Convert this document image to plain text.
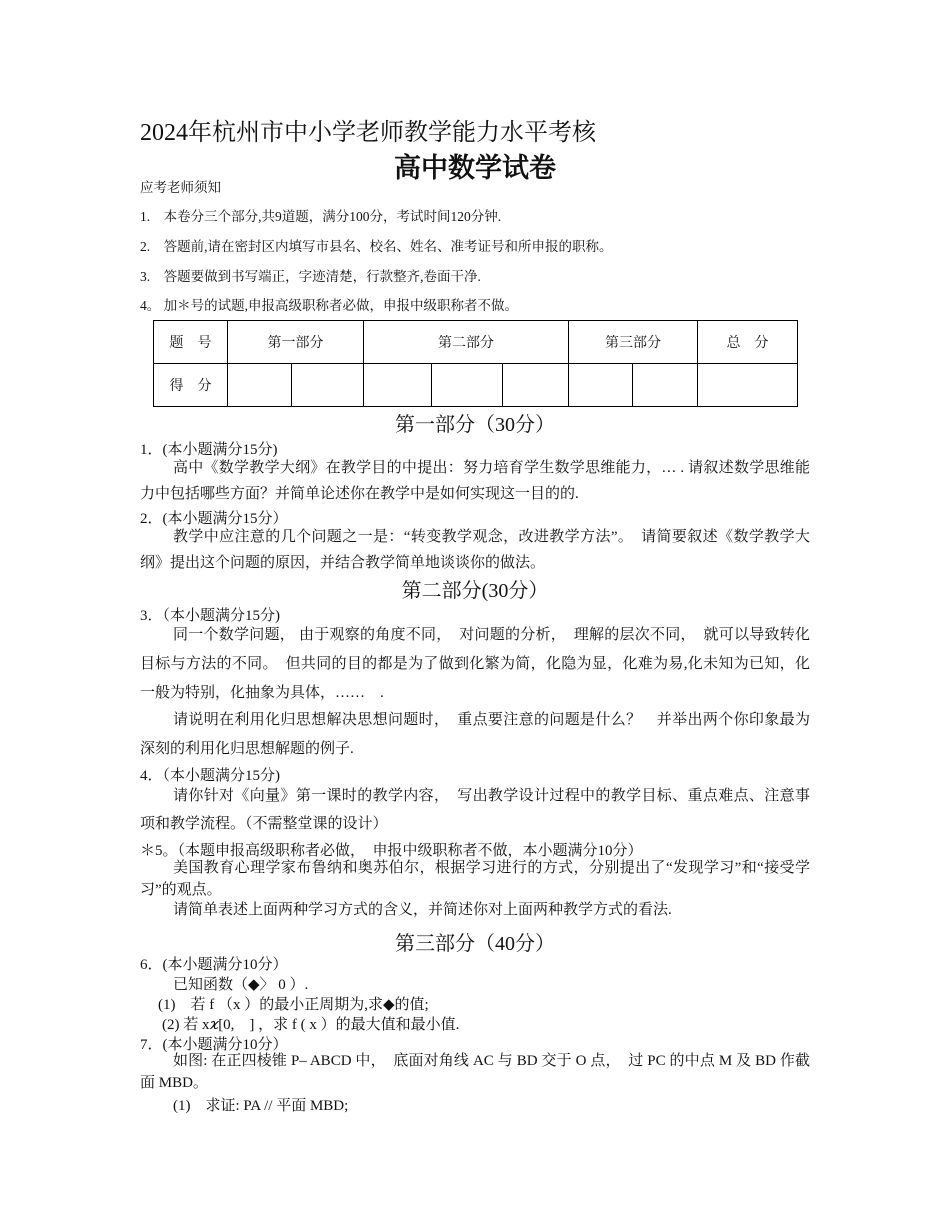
2024年杭州市中小学老师教学能力水平考核
高中数学试卷
应考老师须知
1.　本卷分三个部分,共9道题，满分100分，考试时间120分钟.
2.　答题前,请在密封区内填写市县名、校名、姓名、准考证号和所申报的职称。
3.　答题要做到书写端正，字迹清楚，行款整齐,卷面干净.
4。 加＊号的试题,申报高级职称者必做，申报中级职称者不做。
题　号	第一部分		第二部分			第三部分		总　分
得　分								
第一部分（30分）
1．(本小题满分15分)
高中《数学教学大纲》在教学目的中提出：努力培育学生数学思维能力，… . 请叙述数学思维能力中包括哪些方面？并简单论述你在教学中是如何实现这一目的的.
2．(本小题满分15分）
教学中应注意的几个问题之一是：“转变教学观念，改进教学方法”。　请简要叙述《数学教学大纲》提出这个问题的原因，并结合教学简单地谈谈你的做法。
第二部分(30分）
3．（本小题满分15分)
同一个数学问题， 由于观察的角度不同，　对问题的分析，　理解的层次不同，　就可以导致转化目标与方法的不同。　但共同的目的都是为了做到化繁为简，化隐为显，化难为易,化未知为已知，化一般为特别，化抽象为具体，……　.
请说明在利用化归思想解决思想问题时，　重点要注意的问题是什么？　并举出两个你印象最为深刻的利用化归思想解题的例子.
4．（本小题满分15分)
请你针对《向量》第一课时的教学内容，　写出教学设计过程中的教学目标、重点难点、注意事项和教学流程。（不需整堂课的设计）
＊5。（本题申报高级职称者必做，　申报中级职称者不做，本小题满分10分）
美国教育心理学家布鲁纳和奥苏伯尔，根据学习进行的方式，分别提出了“发现学习”和“接受学习”的观点。
请简单表述上面两种学习方式的含义，并简述你对上面两种教学方式的看法.
第三部分（40分）
6．(本小题满分10分）
已知函数（◆〉 0 ）.
(1)　若 f （x ）的最小正周期为,求◆的值;
(2) 若 x𝜘[0,　] ，求 f ( x ）的最大值和最小值.
7．(本小题满分10分）
如图: 在正四棱锥 P– ABCD 中，　底面对角线 AC 与 BD 交于 O 点，　过 PC 的中点 M 及 BD 作截面 MBD。
(1)　求证: PA // 平面 MBD;
